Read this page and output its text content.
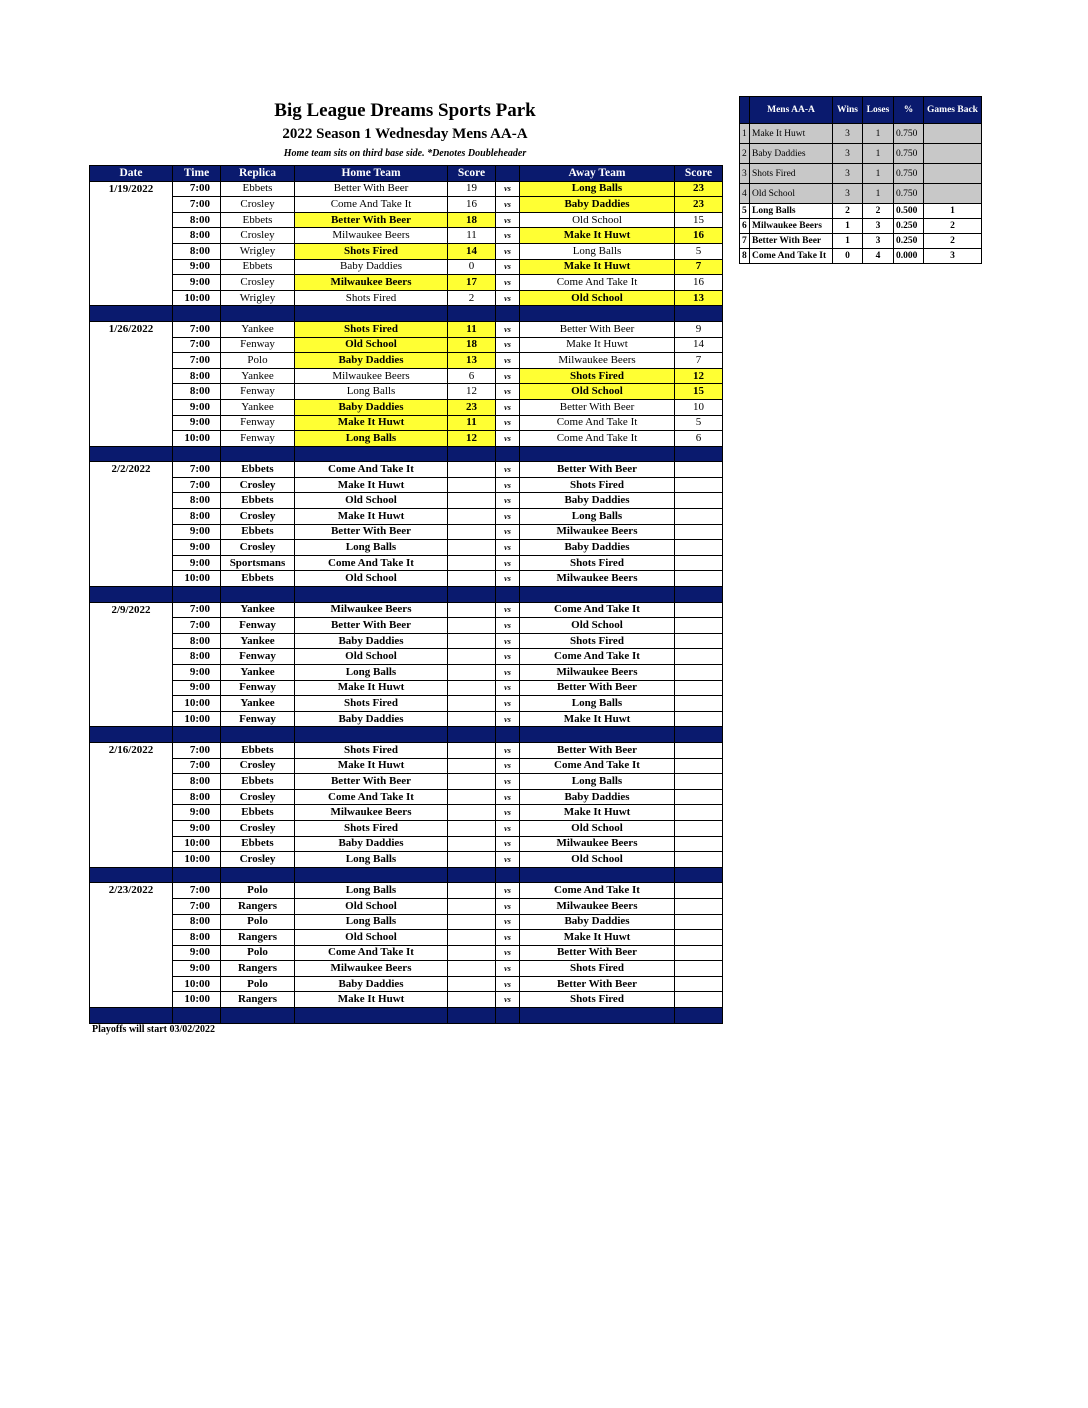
Big League Dreams Sports Park
2022 Season 1 Wednesday Mens AA-A
Home team sits on third base side. *Denotes Doubleheader
Date	Time	Replica	Home Team	Score		Away Team	Score
1/19/2022	7:00	Ebbets	Better With Beer	19	vs	Long Balls	23
	7:00	Crosley	Come And Take It	16	vs	Baby Daddies	23
	8:00	Ebbets	Better With Beer	18	vs	Old School	15
	8:00	Crosley	Milwaukee Beers	11	vs	Make It Huwt	16
	8:00	Wrigley	Shots Fired	14	vs	Long Balls	5
	9:00	Ebbets	Baby Daddies	0	vs	Make It Huwt	7
	9:00	Crosley	Milwaukee Beers	17	vs	Come And Take It	16
	10:00	Wrigley	Shots Fired	2	vs	Old School	13

1/26/2022	7:00	Yankee	Shots Fired	11	vs	Better With Beer	9
	7:00	Fenway	Old School	18	vs	Make It Huwt	14
	7:00	Polo	Baby Daddies	13	vs	Milwaukee Beers	7
	8:00	Yankee	Milwaukee Beers	6	vs	Shots Fired	12
	8:00	Fenway	Long Balls	12	vs	Old School	15
	9:00	Yankee	Baby Daddies	23	vs	Better With Beer	10
	9:00	Fenway	Make It Huwt	11	vs	Come And Take It	5
	10:00	Fenway	Long Balls	12	vs	Come And Take It	6

2/2/2022	7:00	Ebbets	Come And Take It		vs	Better With Beer	
	7:00	Crosley	Make It Huwt		vs	Shots Fired	
	8:00	Ebbets	Old School		vs	Baby Daddies	
	8:00	Crosley	Make It Huwt		vs	Long Balls	
	9:00	Ebbets	Better With Beer		vs	Milwaukee Beers	
	9:00	Crosley	Long Balls		vs	Baby Daddies	
	9:00	Sportsmans	Come And Take It		vs	Shots Fired	
	10:00	Ebbets	Old School		vs	Milwaukee Beers	

2/9/2022	7:00	Yankee	Milwaukee Beers		vs	Come And Take It	
	7:00	Fenway	Better With Beer		vs	Old School	
	8:00	Yankee	Baby Daddies		vs	Shots Fired	
	8:00	Fenway	Old School		vs	Come And Take It	
	9:00	Yankee	Long Balls		vs	Milwaukee Beers	
	9:00	Fenway	Make It Huwt		vs	Better With Beer	
	10:00	Yankee	Shots Fired		vs	Long Balls	
	10:00	Fenway	Baby Daddies		vs	Make It Huwt	

2/16/2022	7:00	Ebbets	Shots Fired		vs	Better With Beer	
	7:00	Crosley	Make It Huwt		vs	Come And Take It	
	8:00	Ebbets	Better With Beer		vs	Long Balls	
	8:00	Crosley	Come And Take It		vs	Baby Daddies	
	9:00	Ebbets	Milwaukee Beers		vs	Make It Huwt	
	9:00	Crosley	Shots Fired		vs	Old School	
	10:00	Ebbets	Baby Daddies		vs	Milwaukee Beers	
	10:00	Crosley	Long Balls		vs	Old School	

2/23/2022	7:00	Polo	Long Balls		vs	Come And Take It	
	7:00	Rangers	Old School		vs	Milwaukee Beers	
	8:00	Polo	Long Balls		vs	Baby Daddies	
	8:00	Rangers	Old School		vs	Make It Huwt	
	9:00	Polo	Come And Take It		vs	Better With Beer	
	9:00	Rangers	Milwaukee Beers		vs	Shots Fired	
	10:00	Polo	Baby Daddies		vs	Better With Beer	
	10:00	Rangers	Make It Huwt		vs	Shots Fired	

Playoffs will start 03/02/2022
	Mens AA-A	Wins	Loses	%	Games Back
1	Make It Huwt	3	1	0.750	
2	Baby Daddies	3	1	0.750	
3	Shots Fired	3	1	0.750	
4	Old School	3	1	0.750	
5	Long Balls	2	2	0.500	1
6	Milwaukee Beers	1	3	0.250	2
7	Better With Beer	1	3	0.250	2
8	Come And Take It	0	4	0.000	3
